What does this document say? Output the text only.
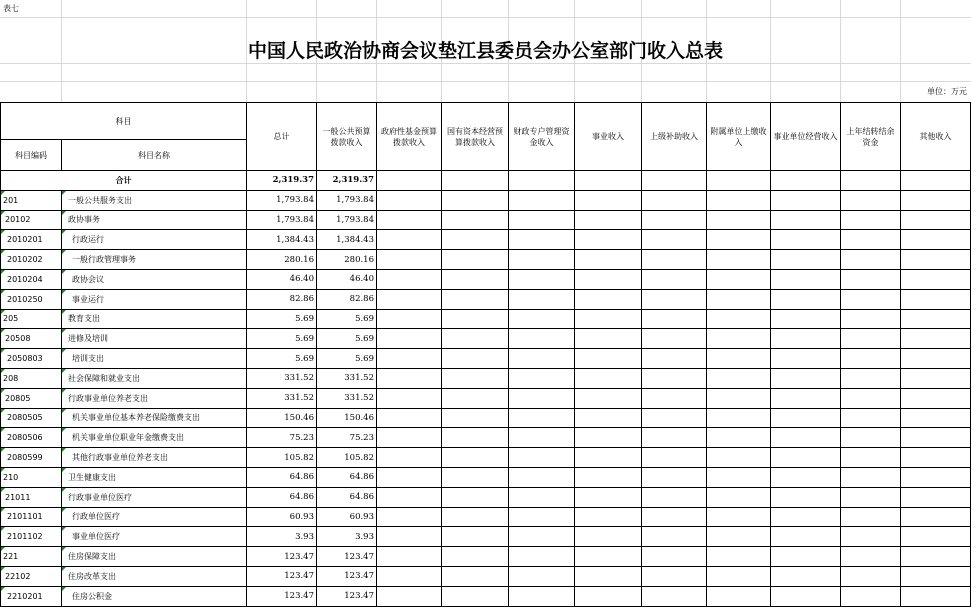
表七
中国人民政治协商会议垫江县委员会办公室部门收入总表
单位：万元
科目		总计	一般公共预算拨款收入	政府性基金预算拨款收入	国有资本经营预算拨款收入	财政专户管理资金收入	事业收入	上级补助收入	附属单位上缴收入	事业单位经营收入	上年结转结余资金	其他收入
科目编码	科目名称											
合计		2,319.37	2,319.37									

201	一般公共服务支出	1,793.84	1,793.84									

20102	政协事务	1,793.84	1,793.84									

2010201	行政运行	1,384.43	1,384.43									

2010202	一般行政管理事务	280.16	280.16									

2010204	政协会议	46.40	46.40									

2010250	事业运行	82.86	82.86									

205	教育支出	5.69	5.69									

20508	进修及培训	5.69	5.69									

2050803	培训支出	5.69	5.69									

208	社会保障和就业支出	331.52	331.52									

20805	行政事业单位养老支出	331.52	331.52									

2080505	机关事业单位基本养老保险缴费支出	150.46	150.46									

2080506	机关事业单位职业年金缴费支出	75.23	75.23									

2080599	其他行政事业单位养老支出	105.82	105.82									

210	卫生健康支出	64.86	64.86									

21011	行政事业单位医疗	64.86	64.86									

2101101	行政单位医疗	60.93	60.93									

2101102	事业单位医疗	3.93	3.93									

221	住房保障支出	123.47	123.47									

22102	住房改革支出	123.47	123.47									

2210201	住房公积金	123.47	123.47									
